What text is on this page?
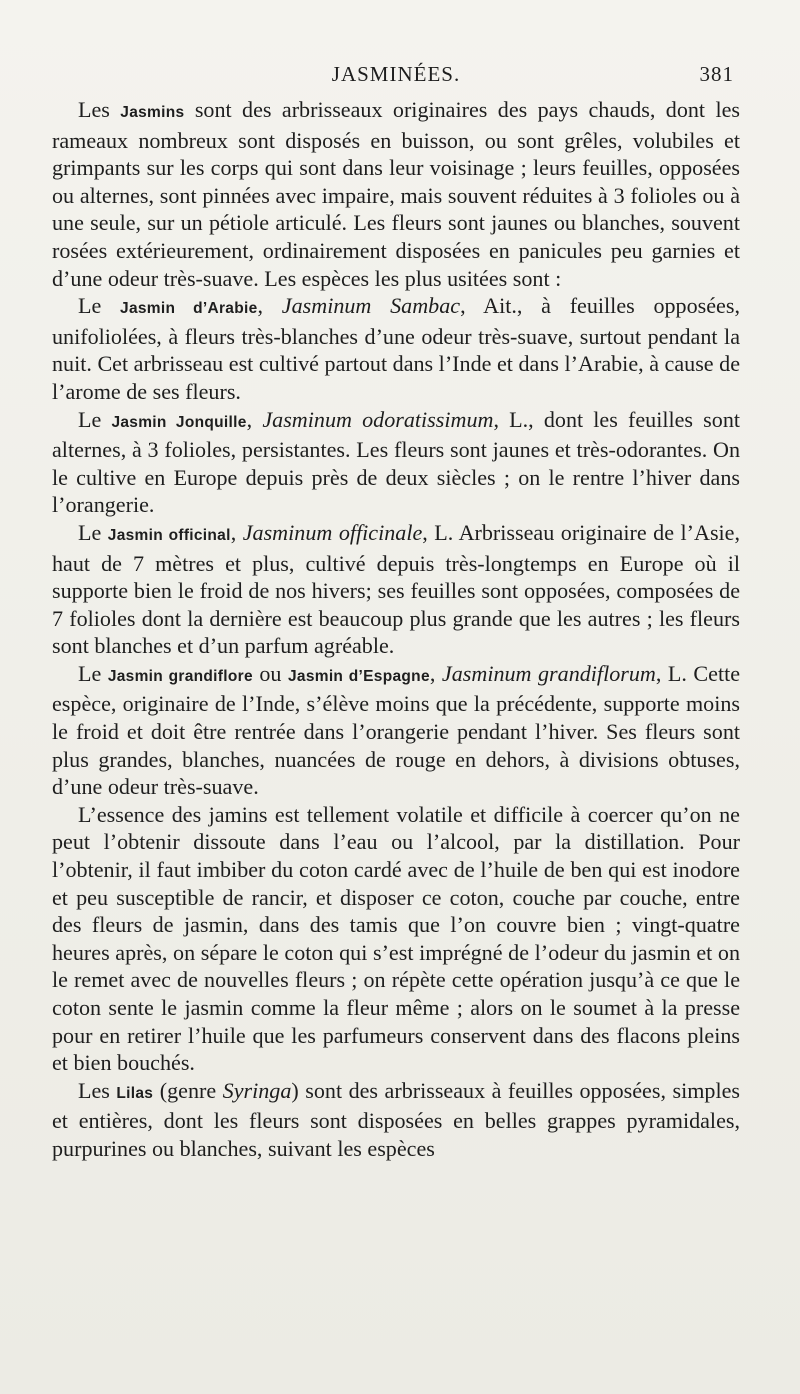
JASMINÉES.	381

Les Jasmins sont des arbrisseaux originaires des pays chauds, dont les rameaux nombreux sont disposés en buisson, ou sont grêles, volubiles et grimpants sur les corps qui sont dans leur voisinage ; leurs feuilles, opposées ou alternes, sont pinnées avec impaire, mais souvent réduites à 3 folioles ou à une seule, sur un pétiole articulé. Les fleurs sont jaunes ou blanches, souvent rosées extérieurement, ordinairement disposées en panicules peu garnies et d’une odeur très-suave. Les espèces les plus usitées sont :

Le Jasmin d’Arabie, Jasminum Sambac, Ait., à feuilles opposées, unifoliolées, à fleurs très-blanches d’une odeur très-suave, surtout pendant la nuit. Cet arbrisseau est cultivé partout dans l’Inde et dans l’Arabie, à cause de l’arome de ses fleurs.

Le Jasmin Jonquille, Jasminum odoratissimum, L., dont les feuilles sont alternes, à 3 folioles, persistantes. Les fleurs sont jaunes et très-odorantes. On le cultive en Europe depuis près de deux siècles ; on le rentre l’hiver dans l’orangerie.

Le Jasmin officinal, Jasminum officinale, L. Arbrisseau originaire de l’Asie, haut de 7 mètres et plus, cultivé depuis très-longtemps en Europe où il supporte bien le froid de nos hivers; ses feuilles sont opposées, composées de 7 folioles dont la dernière est beaucoup plus grande que les autres ; les fleurs sont blanches et d’un parfum agréable.

Le Jasmin grandiflore ou Jasmin d’Espagne, Jasminum grandiflorum, L. Cette espèce, originaire de l’Inde, s’élève moins que la précédente, supporte moins le froid et doit être rentrée dans l’orangerie pendant l’hiver. Ses fleurs sont plus grandes, blanches, nuancées de rouge en dehors, à divisions obtuses, d’une odeur très-suave.

L’essence des jamins est tellement volatile et difficile à coercer qu’on ne peut l’obtenir dissoute dans l’eau ou l’alcool, par la distillation. Pour l’obtenir, il faut imbiber du coton cardé avec de l’huile de ben qui est inodore et peu susceptible de rancir, et disposer ce coton, couche par couche, entre des fleurs de jasmin, dans des tamis que l’on couvre bien ; vingt-quatre heures après, on sépare le coton qui s’est imprégné de l’odeur du jasmin et on le remet avec de nouvelles fleurs ; on répète cette opération jusqu’à ce que le coton sente le jasmin comme la fleur même ; alors on le soumet à la presse pour en retirer l’huile que les parfumeurs conservent dans des flacons pleins et bien bouchés.

Les Lilas (genre Syringa) sont des arbrisseaux à feuilles opposées, simples et entières, dont les fleurs sont disposées en belles grappes pyramidales, purpurines ou blanches, suivant les espèces
